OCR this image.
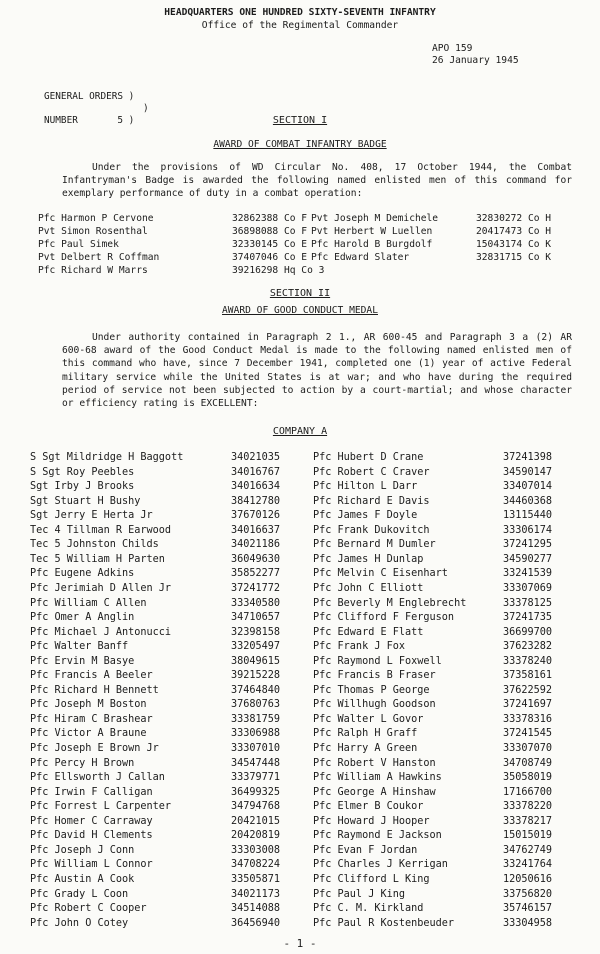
HEADQUARTERS ONE HUNDRED SIXTY-SEVENTH INFANTRY
Office of the Regimental Commander
APO 159
26 January 1945
GENERAL ORDERS )
)
NUMBER       5 )	SECTION I
AWARD OF COMBAT INFANTRY BADGE
Under the provisions of WD Circular No. 408, 17 October 1944, the Combat Infantryman's Badge is awarded the following named enlisted men of this command for exemplary performance of duty in a combat operation:
Pfc Harmon P Cervone	32862388 Co F Pvt Joseph M Demichele	32830272 Co H
Pvt Simon Rosenthal	36898088 Co F Pvt Herbert W Luellen	20417473 Co H
Pfc Paul Simek	32330145 Co E Pfc Harold B Burgdolf	15043174 Co K
Pvt Delbert R Coffman	37407046 Co E Pfc Edward Slater	32831715 Co K
Pfc Richard W Marrs	39216298 Hq Co 3
SECTION II
AWARD OF GOOD CONDUCT MEDAL
Under authority contained in Paragraph 2 1., AR 600-45 and Paragraph 3 a (2) AR 600-68 award of the Good Conduct Medal is made to the following named enlisted men of this command who have, since 7 December 1941, completed one (1) year of active Federal military service while the United States is at war; and who have during the required period of service not been subjected to action by a court-martial; and whose character or efficiency rating is EXCELLENT:
COMPANY A
S Sgt Mildridge H Baggott	34021035	Pfc Hubert D Crane	37241398
S Sgt Roy Peebles	34016767	Pfc Robert C Craver	34590147
Sgt Irby J Brooks	34016634	Pfc Hilton L Darr	33407014
Sgt Stuart H Bushy	38412780	Pfc Richard E Davis	34460368
Sgt Jerry E Herta Jr	37670126	Pfc James F Doyle	13115440
Tec 4 Tillman R Earwood	34016637	Pfc Frank Dukovitch	33306174
Tec 5 Johnston Childs	34021186	Pfc Bernard M Dumler	37241295
Tec 5 William H Parten	36049630	Pfc James H Dunlap	34590277
Pfc Eugene Adkins	35852277	Pfc Melvin C Eisenhart	33241539
Pfc Jerimiah D Allen Jr	37241772	Pfc John C Elliott	33307069
Pfc William C Allen	33340580	Pfc Beverly M Englebrecht	33378125
Pfc Omer A Anglin	34710657	Pfc Clifford F Ferguson	37241735
Pfc Michael J Antonucci	32398158	Pfc Edward E Flatt	36699700
Pfc Walter Banff	33205497	Pfc Frank J Fox	37623282
Pfc Ervin M Basye	38049615	Pfc Raymond L Foxwell	33378240
Pfc Francis A Beeler	39215228	Pfc Francis B Fraser	37358161
Pfc Richard H Bennett	37464840	Pfc Thomas P George	37622592
Pfc Joseph M Boston	37680763	Pfc Willhugh Goodson	37241697
Pfc Hiram C Brashear	33381759	Pfc Walter L Govor	33378316
Pfc Victor A Braune	33306988	Pfc Ralph H Graff	37241545
Pfc Joseph E Brown Jr	33307010	Pfc Harry A Green	33307070
Pfc Percy H Brown	34547448	Pfc Robert V Hanston	34708749
Pfc Ellsworth J Callan	33379771	Pfc William A Hawkins	35058019
Pfc Irwin F Calligan	36499325	Pfc George A Hinshaw	17166700
Pfc Forrest L Carpenter	34794768	Pfc Elmer B Coukor	33378220
Pfc Homer C Carraway	20421015	Pfc Howard J Hooper	33378217
Pfc David H Clements	20420819	Pfc Raymond E Jackson	15015019
Pfc Joseph J Conn	33303008	Pfc Evan F Jordan	34762749
Pfc William L Connor	34708224	Pfc Charles J Kerrigan	33241764
Pfc Austin A Cook	33505871	Pfc Clifford L King	12050616
Pfc Grady L Coon	34021173	Pfc Paul J King	33756820
Pfc Robert C Cooper	34514088	Pfc C. M. Kirkland	35746157
Pfc John O Cotey	36456940	Pfc Paul R Kostenbeuder	33304958
- 1 -
